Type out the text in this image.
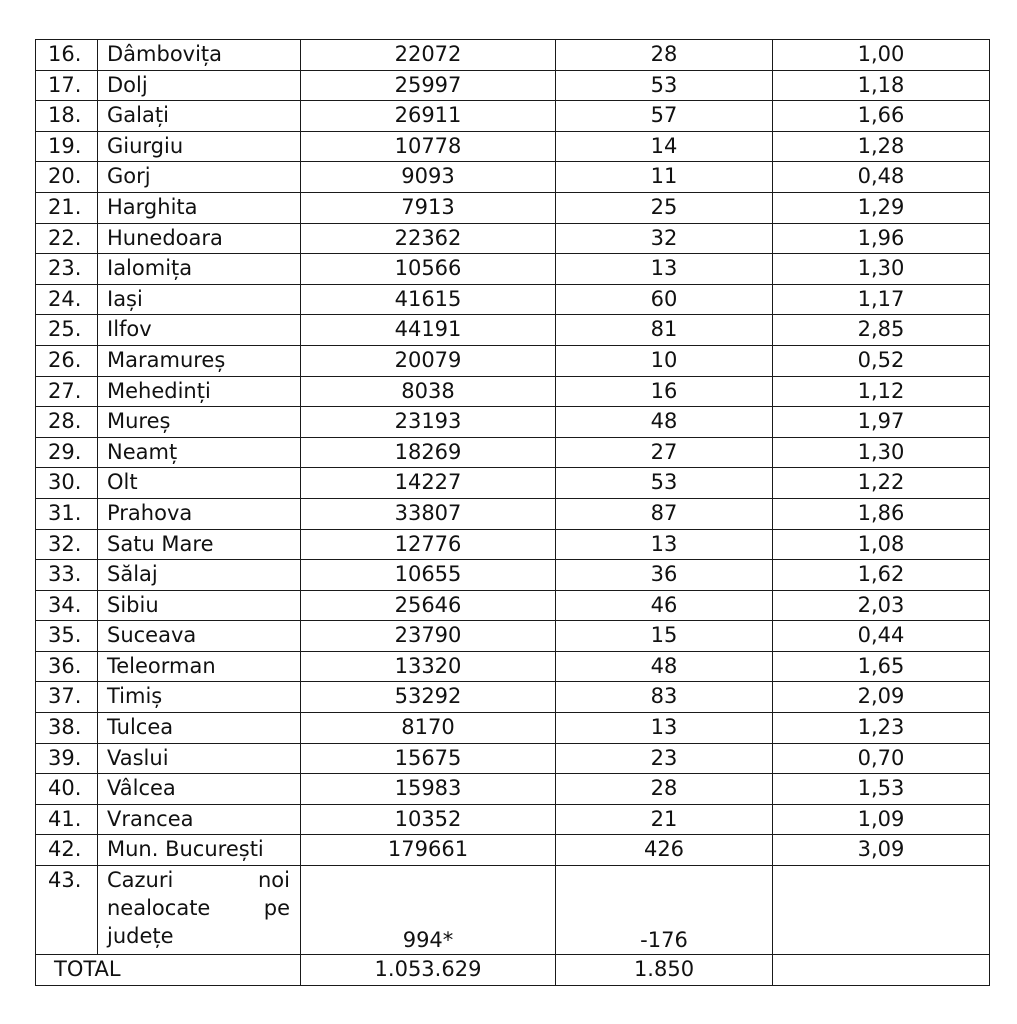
16.	Dâmbovița	22072	28	1,00
17.	Dolj	25997	53	1,18
18.	Galați	26911	57	1,66
19.	Giurgiu	10778	14	1,28
20.	Gorj	9093	11	0,48
21.	Harghita	7913	25	1,29
22.	Hunedoara	22362	32	1,96
23.	Ialomița	10566	13	1,30
24.	Iași	41615	60	1,17
25.	Ilfov	44191	81	2,85
26.	Maramureș	20079	10	0,52
27.	Mehedinți	8038	16	1,12
28.	Mureș	23193	48	1,97
29.	Neamț	18269	27	1,30
30.	Olt	14227	53	1,22
31.	Prahova	33807	87	1,86
32.	Satu Mare	12776	13	1,08
33.	Sălaj	10655	36	1,62
34.	Sibiu	25646	46	2,03
35.	Suceava	23790	15	0,44
36.	Teleorman	13320	48	1,65
37.	Timiș	53292	83	2,09
38.	Tulcea	8170	13	1,23
39.	Vaslui	15675	23	0,70
40.	Vâlcea	15983	28	1,53
41.	Vrancea	10352	21	1,09
42.	Mun. București	179661	426	3,09
43.	Cazuri noi
nealocate pe
județe	994*	-176	
TOTAL		1.053.629	1.850	
